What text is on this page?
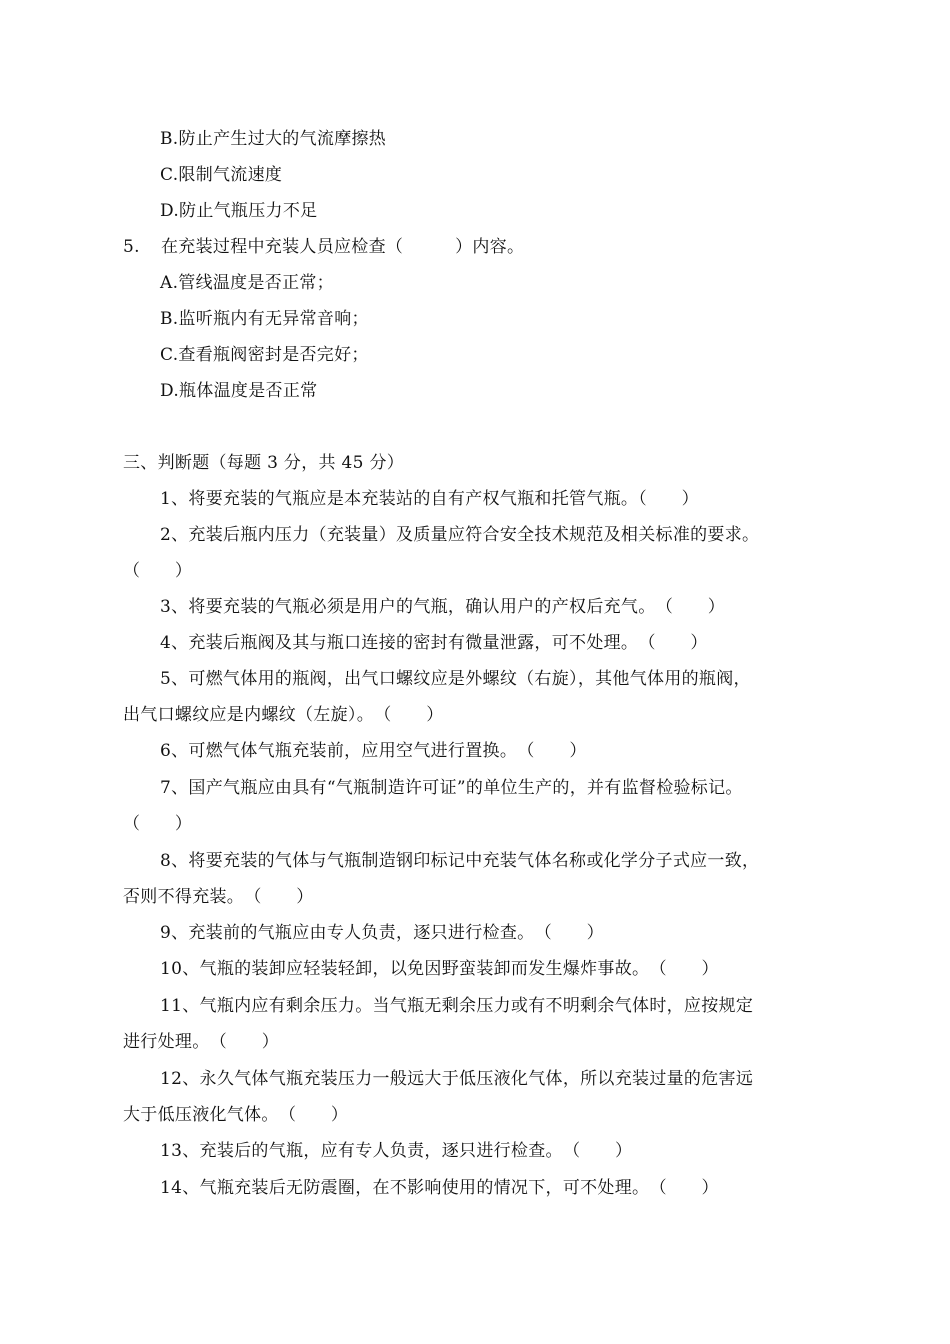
B.防止产生过大的气流摩擦热
C.限制气流速度
D.防止气瓶压力不足
5. 在充装过程中充装人员应检查（　　　）内容。
A.管线温度是否正常；
B.监听瓶内有无异常音响；
C.查看瓶阀密封是否完好；
D.瓶体温度是否正常
三、判断题（每题 3 分，共 45 分）
1、将要充装的气瓶应是本充装站的自有产权气瓶和托管气瓶。（　　）
2、充装后瓶内压力（充装量）及质量应符合安全技术规范及相关标准的要求。
（　　）
3、将要充装的气瓶必须是用户的气瓶，确认用户的产权后充气。　（　　）
4、充装后瓶阀及其与瓶口连接的密封有微量泄露，可不处理。　（　　）
5、可燃气体用的瓶阀，出气口螺纹应是外螺纹（右旋），其他气体用的瓶阀，
出气口螺纹应是内螺纹（左旋）。　（　　）
6、可燃气体气瓶充装前，应用空气进行置换。　（　　）
7、国产气瓶应由具有“气瓶制造许可证”的单位生产的，并有监督检验标记。
（　　）
8、将要充装的气体与气瓶制造钢印标记中充装气体名称或化学分子式应一致，
否则不得充装。　（　　）
9、充装前的气瓶应由专人负责，逐只进行检查。　（　　）
10、气瓶的装卸应轻装轻卸，以免因野蛮装卸而发生爆炸事故。　（　　）
11、气瓶内应有剩余压力。当气瓶无剩余压力或有不明剩余气体时，应按规定
进行处理。　（　　）
12、永久气体气瓶充装压力一般远大于低压液化气体，所以充装过量的危害远
大于低压液化气体。　（　　）
13、充装后的气瓶，应有专人负责，逐只进行检查。　（　　）
14、气瓶充装后无防震圈，在不影响使用的情况下，可不处理。　（　　）
